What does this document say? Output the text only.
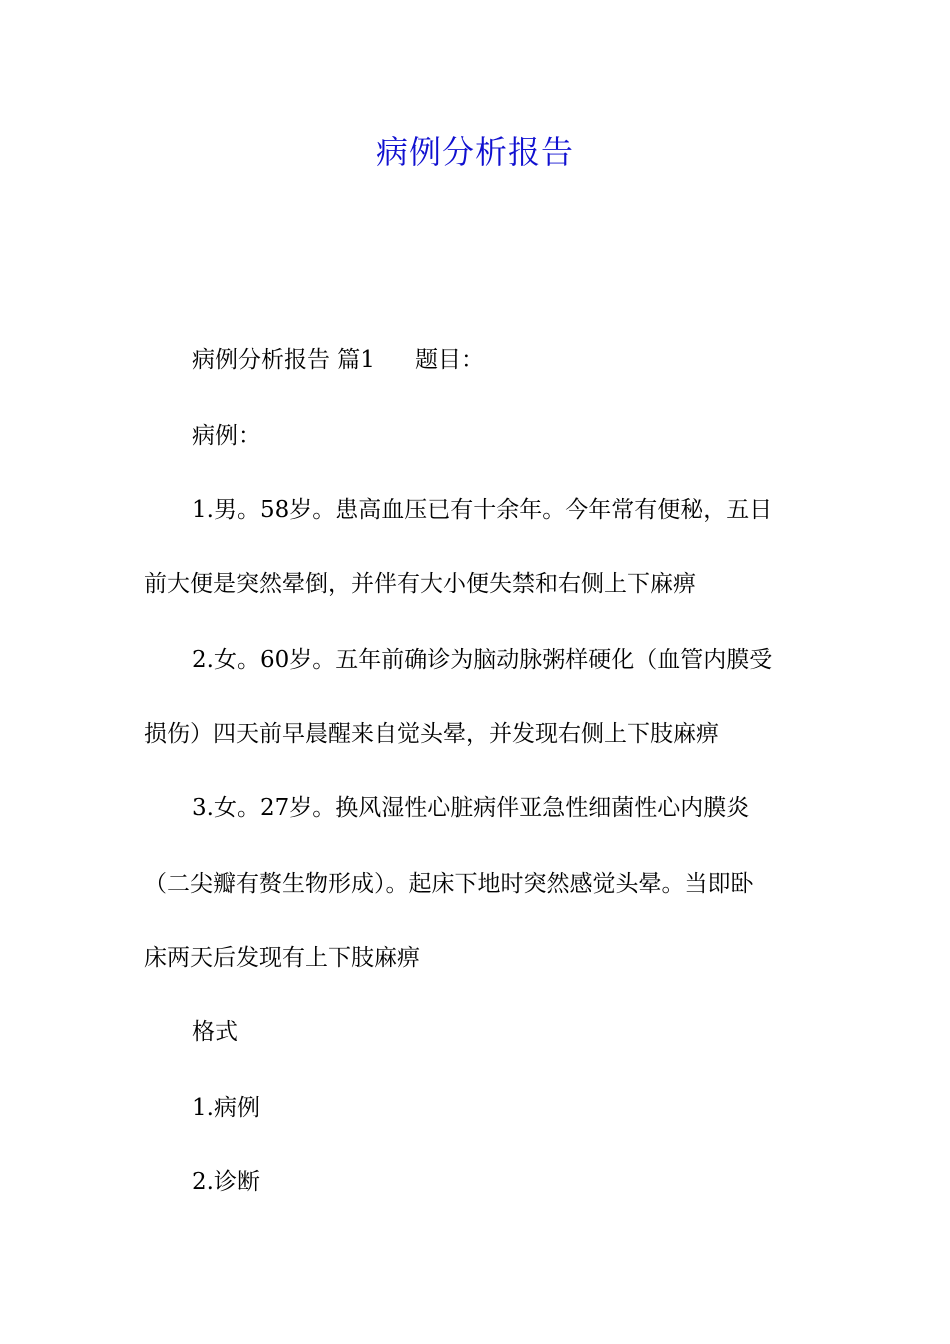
病例分析报告
病例分析报告 篇1 题目：
病例：
1.男。58岁。患高血压已有十余年。今年常有便秘，五日
前大便是突然晕倒，并伴有大小便失禁和右侧上下麻痹
2.女。60岁。五年前确诊为脑动脉粥样硬化（血管内膜受
损伤）四天前早晨醒来自觉头晕，并发现右侧上下肢麻痹
3.女。27岁。换风湿性心脏病伴亚急性细菌性心内膜炎
（二尖瓣有赘生物形成）。起床下地时突然感觉头晕。当即卧
床两天后发现有上下肢麻痹
格式
1.病例
2.诊断
